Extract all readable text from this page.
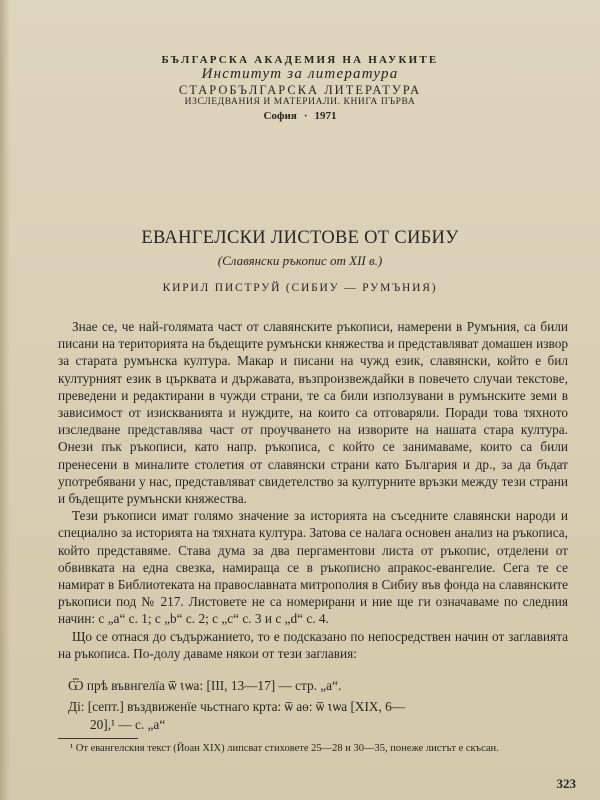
БЪЛГАРСКА АКАДЕМИЯ НА НАУКИТЕ
Институт за литература
СТАРОБЪЛГАРСКА ЛИТЕРАТУРА
ИЗСЛЕДВАНИЯ И МАТЕРИАЛИ. КНИГА ПЪРВА
София · 1971
ЕВАНГЕЛСКИ ЛИСТОВЕ ОТ СИБИУ
(Славянски ръкопис от XII в.)
КИРИЛ ПИСТРУЙ (СИБИУ — РУМЪНИЯ)

Знае се, че най-голямата част от славянските ръкописи, намерени в Румъния, са били писани на територията на бъдещите румънски княжества и представляват домашен извор за старата румънска култура. Макар и писани на чужд език, славянски, който е бил културният език в църквата и държавата, възпроизвеждайки в повечето случаи текстове, преведени и редактирани в чужди страни, те са били използувани в румънските земи в зависимост от изискванията и нуждите, на които са отговаряли. Поради това тяхното изследване представлява част от проучването на изворите на нашата стара култура. Онези пък ръкописи, като напр. ръкописа, с който се занимаваме, които са били пренесени в миналите столетия от славянски страни като България и др., за да бъдат употребявани у нас, представляват свидетелство за културните връзки между тези страни и бъдещите румънски княжества.

Тези ръкописи имат голямо значение за историята на съседните славянски народи и специално за историята на тяхната култура. Затова се налага основен анализ на ръкописа, който представяме. Става дума за два пергаментови листа от ръкопис, отделени от обвивката на една свезка, намираща се в ръкописно апракос-евангелие. Сега те се намират в Библиотеката на православната митрополия в Сибиу във фонда на славянските ръкописи под № 217. Листовете не са номерирани и ние ще ги означаваме по следния начин: с „а“ с. 1; с „b“ с. 2; с „c“ с. 3 и с „d“ с. 4.

Що се отнася до съдържанието, то е подсказано по непосредствен начин от заглавията на ръкописа. По-долу даваме някои от тези заглавия:

Ѿ прѣ въвнгелїа ѿ ꙇѡа: [III, 13—17] — стр. „а“.
Ді: [септ.] въздвиженїе чьстнаго крта: ѿ аѳ: ѿ ꙇѡа [XIX, 6—
20],¹ — с. „а“
¹ От евангелския текст (Йоан XIX) липсват стиховете 25—28 и 30—35, понеже листът е скъсан.
323
